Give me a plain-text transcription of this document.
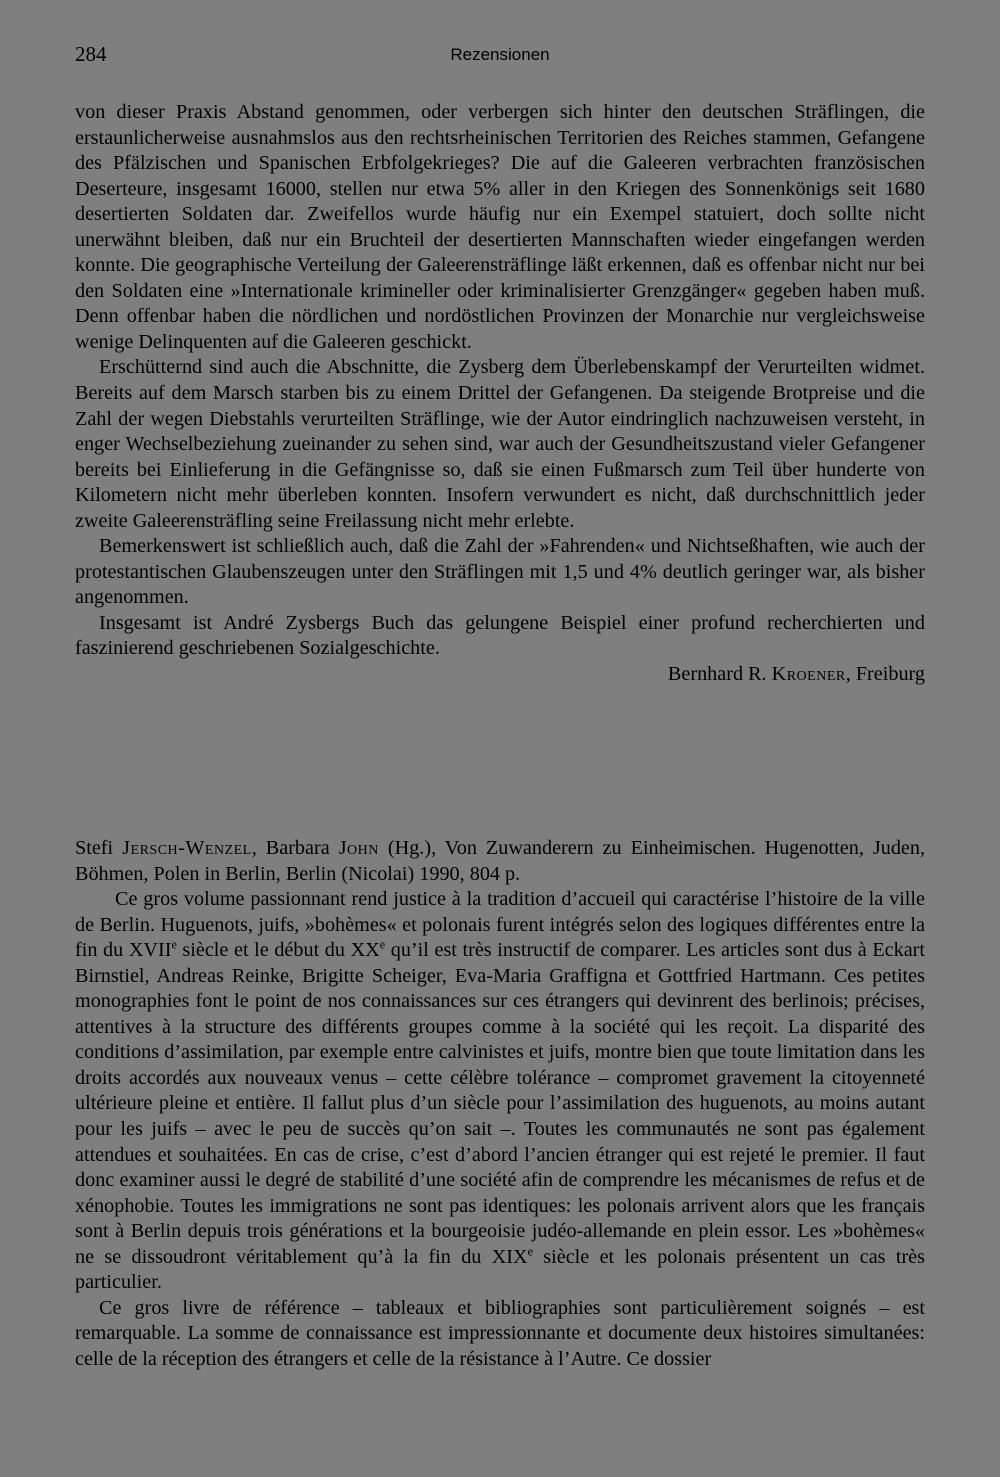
284	Rezensionen

von dieser Praxis Abstand genommen, oder verbergen sich hinter den deutschen Sträflingen, die erstaunlicherweise ausnahmslos aus den rechtsrheinischen Territorien des Reiches stammen, Gefangene des Pfälzischen und Spanischen Erbfolgekrieges? Die auf die Galeeren verbrachten französischen Deserteure, insgesamt 16000, stellen nur etwa 5% aller in den Kriegen des Sonnenkönigs seit 1680 desertierten Soldaten dar. Zweifellos wurde häufig nur ein Exempel statuiert, doch sollte nicht unerwähnt bleiben, daß nur ein Bruchteil der desertierten Mannschaften wieder eingefangen werden konnte. Die geographische Verteilung der Galeerensträflinge läßt erkennen, daß es offenbar nicht nur bei den Soldaten eine »Internationale krimineller oder kriminalisierter Grenzgänger« gegeben haben muß. Denn offenbar haben die nördlichen und nordöstlichen Provinzen der Monarchie nur vergleichsweise wenige Delinquenten auf die Galeeren geschickt.

Erschütternd sind auch die Abschnitte, die Zysberg dem Überlebenskampf der Verurteilten widmet. Bereits auf dem Marsch starben bis zu einem Drittel der Gefangenen. Da steigende Brotpreise und die Zahl der wegen Diebstahls verurteilten Sträflinge, wie der Autor eindringlich nachzuweisen versteht, in enger Wechselbeziehung zueinander zu sehen sind, war auch der Gesundheitszustand vieler Gefangener bereits bei Einlieferung in die Gefängnisse so, daß sie einen Fußmarsch zum Teil über hunderte von Kilometern nicht mehr überleben konnten. Insofern verwundert es nicht, daß durchschnittlich jeder zweite Galeerensträfling seine Freilassung nicht mehr erlebte.

Bemerkenswert ist schließlich auch, daß die Zahl der »Fahrenden« und Nichtseßhaften, wie auch der protestantischen Glaubenszeugen unter den Sträflingen mit 1,5 und 4% deutlich geringer war, als bisher angenommen.

Insgesamt ist André Zysbergs Buch das gelungene Beispiel einer profund recherchierten und faszinierend geschriebenen Sozialgeschichte.

Bernhard R. Kroener, Freiburg

Stefi Jersch-Wenzel, Barbara John (Hg.), Von Zuwanderern zu Einheimischen. Hugenotten, Juden, Böhmen, Polen in Berlin, Berlin (Nicolai) 1990, 804 p.

Ce gros volume passionnant rend justice à la tradition d’accueil qui caractérise l’histoire de la ville de Berlin. Huguenots, juifs, »bohèmes« et polonais furent intégrés selon des logiques différentes entre la fin du XVIIe siècle et le début du XXe qu’il est très instructif de comparer. Les articles sont dus à Eckart Birnstiel, Andreas Reinke, Brigitte Scheiger, Eva-Maria Graffigna et Gottfried Hartmann. Ces petites monographies font le point de nos connaissances sur ces étrangers qui devinrent des berlinois; précises, attentives à la structure des différents groupes comme à la société qui les reçoit. La disparité des conditions d’assimilation, par exemple entre calvinistes et juifs, montre bien que toute limitation dans les droits accordés aux nouveaux venus – cette célèbre tolérance – compromet gravement la citoyenneté ultérieure pleine et entière. Il fallut plus d’un siècle pour l’assimilation des huguenots, au moins autant pour les juifs – avec le peu de succès qu’on sait –. Toutes les communautés ne sont pas également attendues et souhaitées. En cas de crise, c’est d’abord l’ancien étranger qui est rejeté le premier. Il faut donc examiner aussi le degré de stabilité d’une société afin de comprendre les mécanismes de refus et de xénophobie. Toutes les immigrations ne sont pas identiques: les polonais arrivent alors que les français sont à Berlin depuis trois générations et la bourgeoisie judéo-allemande en plein essor. Les »bohèmes« ne se dissoudront véritablement qu’à la fin du XIXe siècle et les polonais présentent un cas très particulier.

Ce gros livre de référence – tableaux et bibliographies sont particulièrement soignés – est remarquable. La somme de connaissance est impressionnante et documente deux histoires simultanées: celle de la réception des étrangers et celle de la résistance à l’Autre. Ce dossier
